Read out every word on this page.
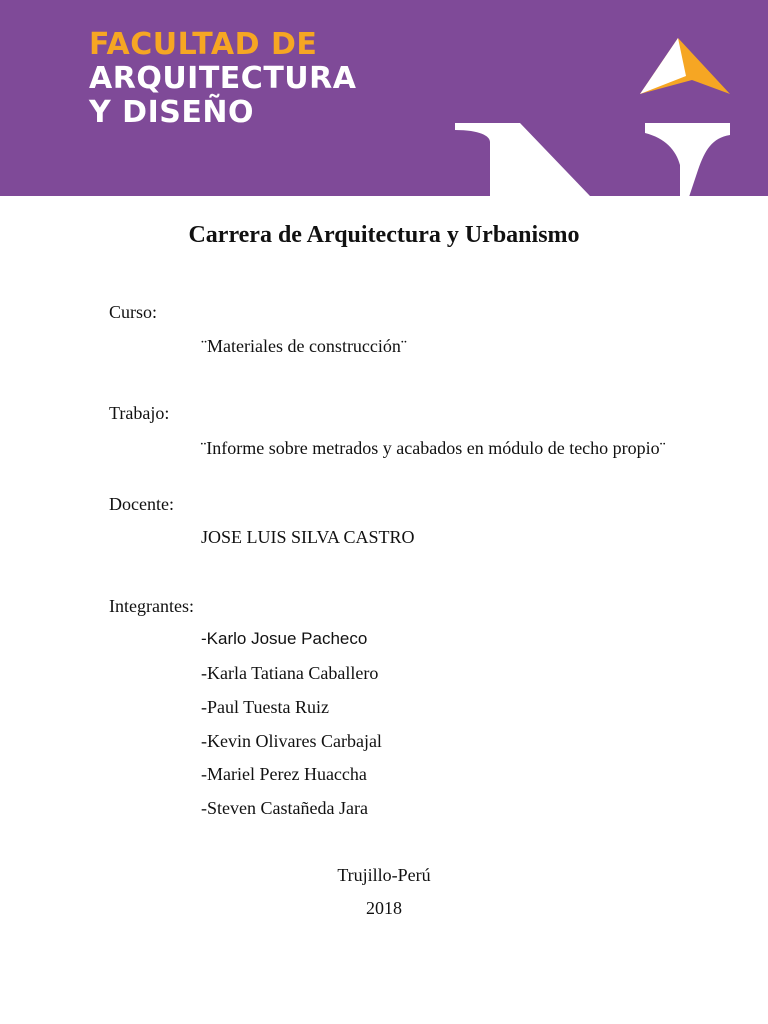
FACULTAD DE
ARQUITECTURA
Y DISEÑO
Carrera de Arquitectura y Urbanismo

Curso:

¨Materiales de construcción¨

Trabajo:

¨Informe sobre metrados y acabados en módulo de techo propio¨

Docente:

JOSE LUIS SILVA CASTRO

Integrantes:

-Karlo Josue Pacheco

-Karla Tatiana Caballero

-Paul Tuesta Ruiz

-Kevin Olivares Carbajal

-Mariel Perez Huaccha

-Steven Castañeda Jara

Trujillo-Perú

2018
